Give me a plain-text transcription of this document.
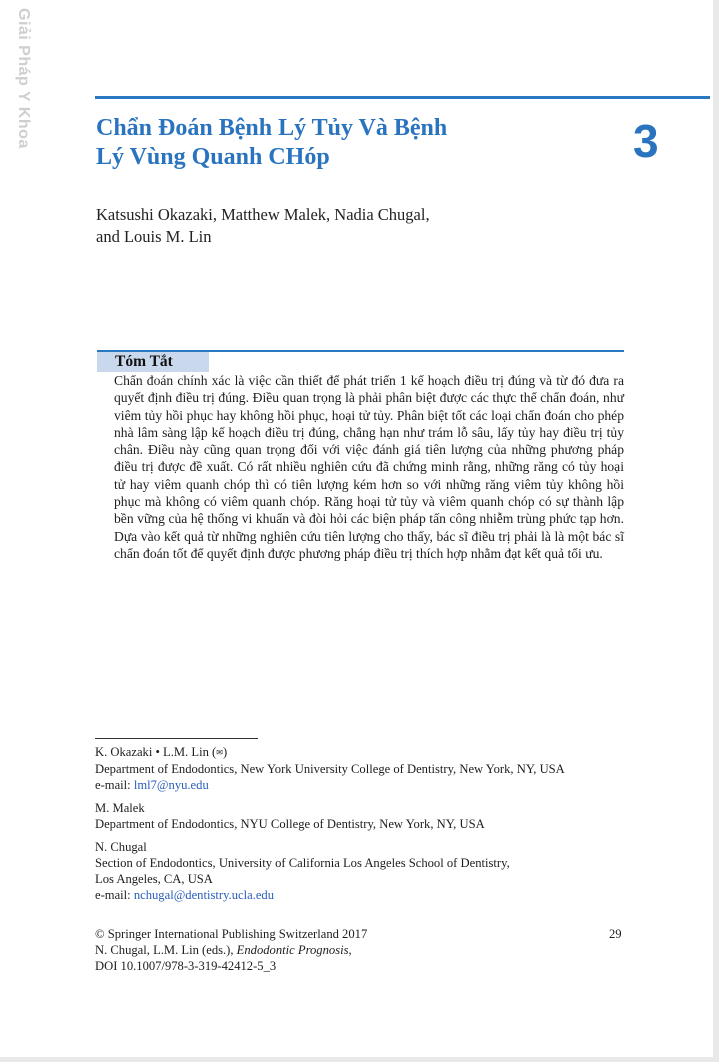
Giải Pháp Y Khoa	Chẩn Đoán Bệnh Lý Tủy Và Bệnh
Lý Vùng Quanh CHóp	3
Katsushi Okazaki, Matthew Malek, Nadia Chugal,
and Louis M. Lin
Tóm Tắt

Chẩn đoán chính xác là việc cần thiết để phát triển 1 kế hoạch điều trị đúng và từ đó đưa ra quyết định điều trị đúng. Điều quan trọng là phải phân biệt được các thực thể chẩn đoán, như viêm tủy hồi phục hay không hồi phục, hoại tử tủy. Phân biệt tốt các loại chẩn đoán cho phép nhà lâm sàng lập kế hoạch điều trị đúng, chẳng hạn như trám lỗ sâu, lấy tủy hay điều trị tủy chân. Điều này cũng quan trọng đối với việc đánh giá tiên lượng của những phương pháp điều trị được đề xuất. Có rất nhiều nghiên cứu đã chứng minh rằng, những răng có tủy hoại tử hay viêm quanh chóp thì có tiên lượng kém hơn so với những răng viêm tủy không hồi phục mà không có viêm quanh chóp. Răng hoại tử tủy và viêm quanh chóp có sự thành lập bền vững của hệ thống vi khuẩn và đòi hỏi các biện pháp tấn công nhiễm trùng phức tạp hơn. Dựa vào kết quả từ những nghiên cứu tiên lượng cho thấy, bác sĩ điều trị phải là là một bác sĩ chẩn đoán tốt để quyết định được phương pháp điều trị thích hợp nhằm đạt kết quả tối ưu.

K. Okazaki • L.M. Lin (✉)
Department of Endodontics, New York University College of Dentistry, New York, NY, USA
e-mail: lml7@nyu.edu
M. Malek
Department of Endodontics, NYU College of Dentistry, New York, NY, USA
N. Chugal
Section of Endodontics, University of California Los Angeles School of Dentistry,
Los Angeles, CA, USA
e-mail: nchugal@dentistry.ucla.edu
© Springer International Publishing Switzerland 2017
N. Chugal, L.M. Lin (eds.), Endodontic Prognosis,
DOI 10.1007/978-3-319-42412-5_3
29
